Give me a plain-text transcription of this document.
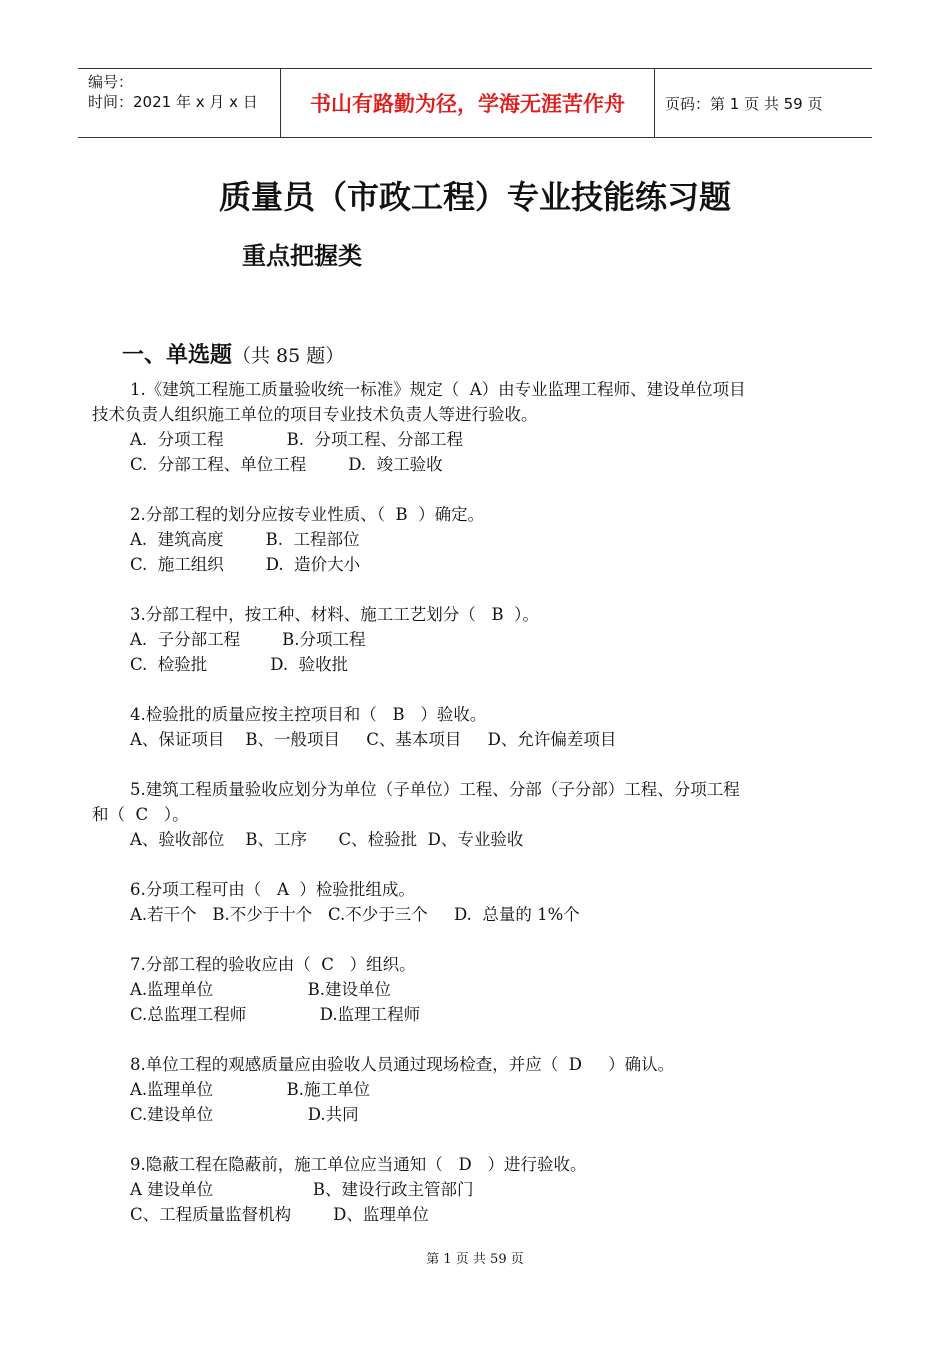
编号：
时间：2021 年 x 月 x 日	书山有路勤为径，学海无涯苦作舟	页码：第 1 页 共 59 页
质量员（市政工程）专业技能练习题
重点把握类
一、单选题（共 85 题）
1.《建筑工程施工质量验收统一标准》规定（  A）由专业监理工程师、建设单位项目
技术负责人组织施工单位的项目专业技术负责人等进行验收。
A.  分项工程            B.  分项工程、分部工程
C.  分部工程、单位工程        D.  竣工验收
2.分部工程的划分应按专业性质、（  B  ）确定。
A.  建筑高度        B.  工程部位
C.  施工组织        D.  造价大小
3.分部工程中，按工种、材料、施工工艺划分（   B  ）。
A.  子分部工程        B.分项工程
C.  检验批            D.  验收批
4.检验批的质量应按主控项目和（   B   ）验收。
A、保证项目    B、一般项目     C、基本项目     D、允许偏差项目
5.建筑工程质量验收应划分为单位（子单位）工程、分部（子分部）工程、分项工程
和（  C   ）。
A、验收部位    B、工序      C、检验批  D、专业验收
6.分项工程可由（   A  ）检验批组成。
A.若干个   B.不少于十个   C.不少于三个     D.  总量的 1%个
7.分部工程的验收应由（  C   ）组织。
A.监理单位                  B.建设单位
C.总监理工程师              D.监理工程师
8.单位工程的观感质量应由验收人员通过现场检查，并应（  D     ）确认。
A.监理单位              B.施工单位
C.建设单位                  D.共同
9.隐蔽工程在隐蔽前，施工单位应当通知（   D   ）进行验收。
A 建设单位                   B、建设行政主管部门
C、工程质量监督机构        D、监理单位
第 1 页 共 59 页
